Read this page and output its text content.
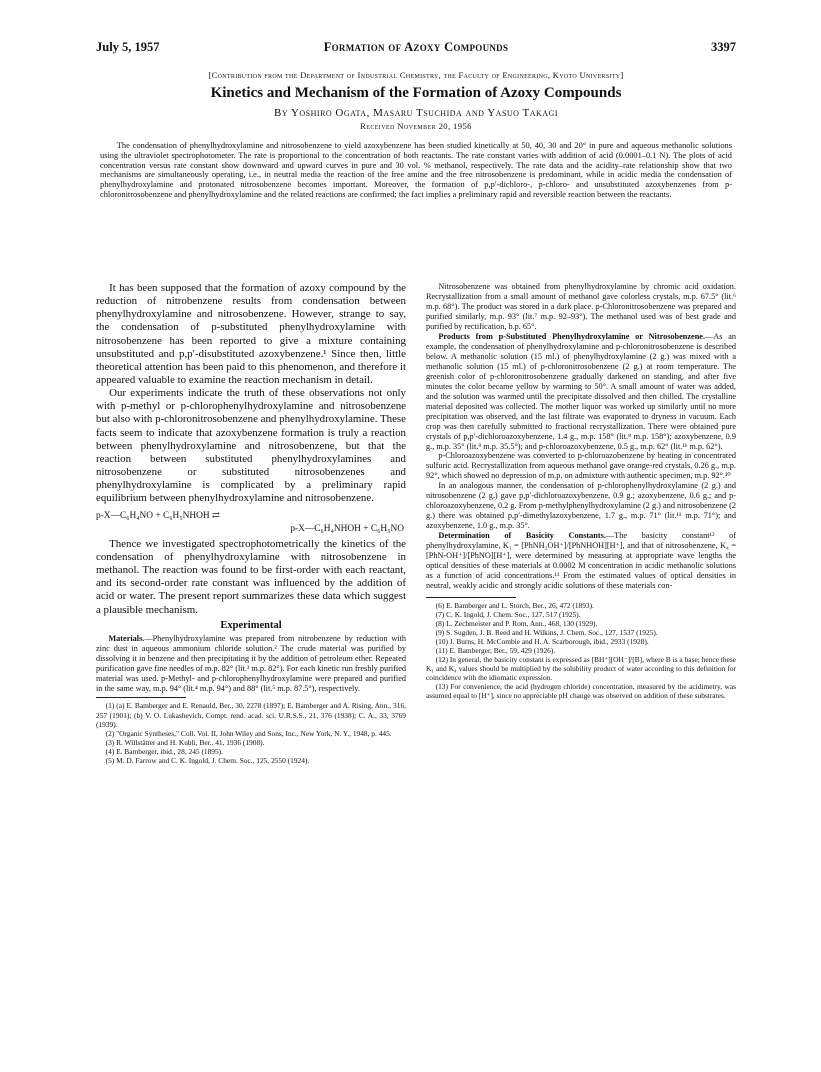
July 5, 1957	Formation of Azoxy Compounds	3397
[Contribution from the Department of Industrial Chemistry, the Faculty of Engineering, Kyoto University]
Kinetics and Mechanism of the Formation of Azoxy Compounds
By Yoshiro Ogata, Masaru Tsuchida and Yasuo Takagi
Received November 20, 1956

The condensation of phenylhydroxylamine and nitrosobenzene to yield azoxybenzene has been studied kinetically at 50, 40, 30 and 20° in pure and aqueous methanolic solutions using the ultraviolet spectrophotometer. The rate is proportional to the concentration of both reactants. The rate constant varies with addition of acid (0.0001–0.1 N). The plots of acid concentration versus rate constant show downward and upward curves in pure and 30 vol. % methanol, respectively. The rate data and the acidity–rate relationship show that two mechanisms are simultaneously operating, i.e., in neutral media the reaction of the free amine and the free nitrosobenzene is predominant, while in acidic media the condensation of phenylhydroxylamine and protonated nitrosobenzene becomes important. Moreover, the formation of p,p′-dichloro-, p-chloro- and unsubstituted azoxybenzenes from p-chloronitrosobenzene and phenylhydroxylamine and the related reactions are confirmed; the fact implies a preliminary rapid and reversible reaction between the reactants.

It has been supposed that the formation of azoxy compound by the reduction of nitrobenzene results from condensation between phenylhydroxylamine and nitrosobenzene. However, strange to say, the condensation of p-substituted phenylhydroxylamine with nitrosobenzene has been reported to give a mixture containing unsubstituted and p,p′-disubstituted azoxybenzene.¹ Since then, little theoretical attention has been paid to this phenomenon, and therefore it appeared valuable to examine the reaction mechanism in detail.

Our experiments indicate the truth of these observations not only with p-methyl or p-chlorophenylhydroxylamine and nitrosobenzene but also with p-chloronitrosobenzene and phenylhydroxylamine. These facts seem to indicate that azoxybenzene formation is truly a reaction between phenylhydroxylamine and nitrosobenzene, but that the reaction between substituted phenylhydroxylamines and nitrosobenzene or substituted nitrosobenzenes and phenylhydroxylamine is complicated by a preliminary rapid equilibrium between phenylhydroxylamine and nitrosobenzene.

p-X—C₆H₄NO + C₆H₅NHOH ⇄
p-X—C₆H₄NHOH + C₆H₅NO

Thence we investigated spectrophotometrically the kinetics of the condensation of phenylhydroxylamine with nitrosobenzene in methanol. The reaction was found to be first-order with each reactant, and its second-order rate constant was influenced by the addition of acid or water. The present report summarizes these data which suggest a plausible mechanism.

Experimental

Materials.—Phenylhydroxylamine was prepared from nitrobenzene by reduction with zinc dust in aqueous ammonium chloride solution.² The crude material was purified by dissolving it in benzene and then precipitating it by the addition of petroleum ether. Repeated purification gave fine needles of m.p. 82° (lit.³ m.p. 82°). For each kinetic run freshly purified material was used. p-Methyl- and p-chlorophenylhydroxylamine were prepared and purified in the same way, m.p. 94° (lit.⁴ m.p. 94°) and 88° (lit.⁵ m.p. 87.5°), respectively.

(1) (a) E. Bamberger and E. Renauld, Ber., 30, 2278 (1897); E. Bamberger and A. Rising, Ann., 316, 257 (1901); (b) V. O. Lukashevich, Compt. rend. acad. sci. U.R.S.S., 21, 376 (1938); C. A., 33, 3769 (1939).
(2) "Organic Syntheses," Coll. Vol. II, John Wiley and Sons, Inc., New York, N. Y., 1948, p. 445.
(3) R. Willstätter and H. Kubli, Ber., 41, 1936 (1908).
(4) E. Bamberger, ibid., 28, 245 (1895).
(5) M. D. Farrow and C. K. Ingold, J. Chem. Soc., 125, 2550 (1924).

Nitrosobenzene was obtained from phenylhydroxylamine by chromic acid oxidation. Recrystallization from a small amount of methanol gave colorless crystals, m.p. 67.5° (lit.⁶ m.p. 68°). The product was stored in a dark place. p-Chloronitrosobenzene was prepared and purified similarly, m.p. 93° (lit.⁷ m.p. 92–93°). The methanol used was of best grade and purified by rectification, b.p. 65°.

Products from p-Substituted Phenylhydroxylamine or Nitrosobenzene.—As an example, the condensation of phenylhydroxylamine and p-chloronitrosobenzene is described below. A methanolic solution (15 ml.) of phenylhydroxylamine (2 g.) was mixed with a methanolic solution (15 ml.) of p-chloronitrosobenzene (2 g.) at room temperature. The greenish color of p-chloronitrosobenzene gradually darkened on standing, and after five minutes the color became yellow by warming to 50°. A small amount of water was added, and the solution was warmed until the precipitate dissolved and then chilled. The crystalline material deposited was collected. The mother liquor was worked up similarly until no more precipitation was observed, and the last filtrate was evaporated to dryness in vacuum. Each crop was then carefully submitted to fractional recrystallization. There were obtained pure crystals of p,p′-dichloroazoxybenzene, 1.4 g., m.p. 158° (lit.⁸ m.p. 158°); azoxybenzene, 0.9 g., m.p. 35° (lit.⁹ m.p. 35.5°); and p-chloroazoxybenzene, 0.5 g., m.p. 62° (lit.¹ᵇ m.p. 62°).

p-Chloroazoxybenzene was converted to p-chloroazobenzene by heating in concentrated sulfuric acid. Recrystallization from aqueous methanol gave orange-red crystals, 0.26 g., m.p. 92°, which showed no depression of m.p. on admixture with authentic specimen, m.p. 92°.¹⁰

In an analogous manner, the condensation of p-chlorophenylhydroxylamine (2 g.) and nitrosobenzene (2 g.) gave p,p′-dichloroazoxybenzene, 0.9 g.; azoxybenzene, 0.6 g.; and p-chloroazoxybenzene, 0.2 g. From p-methylphenylhydroxylamine (2 g.) and nitrosobenzene (2 g.) there was obtained p,p′-dimethylazoxybenzene, 1.7 g., m.p. 71° (lit.¹¹ m.p. 71°); and azoxybenzene, 1.0 g., m.p. 35°.

Determination of Basicity Constants.—The basicity constant¹² of phenylhydroxylamine, K₁ = [PhNH₂OH⁺]/[PhNHOH][H⁺], and that of nitrosobenzene, K₄ = [PhN-OH⁺]/[PhNO][H⁺], were determined by measuring at appropriate wave lengths the optical densities of these materials at 0.0002 M concentration in acidic methanolic solutions as a function of acid concentrations.¹³ From the estimated values of optical densities in neutral, weakly acidic and strongly acidic solutions of these materials con-

(6) E. Bamberger and L. Storch, Ber., 26, 472 (1893).
(7) C. K. Ingold, J. Chem. Soc., 127, 517 (1925).
(8) L. Zechmeister and P. Rom, Ann., 468, 130 (1929).
(9) S. Sugden, J. B. Reed and H. Wilkins, J. Chem. Soc., 127, 1537 (1925).
(10) J. Burns, H. McCombie and H. A. Scarborough, ibid., 2933 (1928).
(11) E. Bamberger, Ber., 59, 429 (1926).
(12) In general, the basicity constant is expressed as [BH⁺][OH⁻]/[B], where B is a base; hence these K₁ and K₄ values should be multiplied by the solubility product of water according to this definition for coincidence with the idiomatic expression.
(13) For convenience, the acid (hydrogen chloride) concentration, measured by the acidimetry, was assumed equal to [H⁺], since no appreciable pH change was observed on addition of these substrates.
